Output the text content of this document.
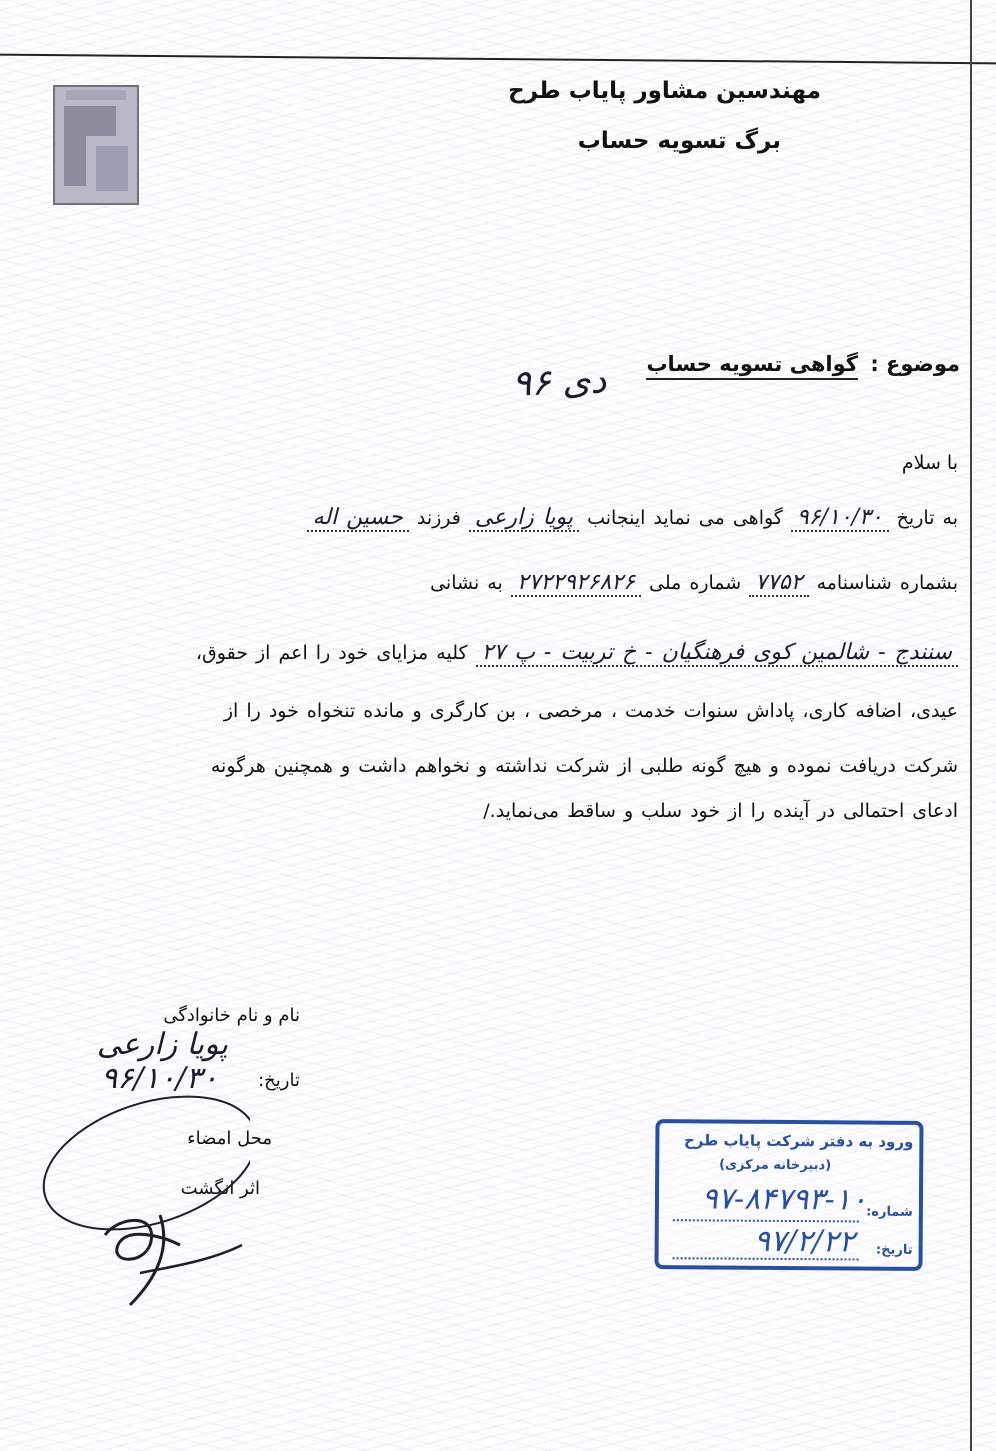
مهندسین مشاور پایاب طرح
برگ تسویه حساب
موضوع :
گواهی تسویه حساب
دی ۹۶
با سلام
به تاریخ ۹۶/۱۰/۳۰ گواهی می نماید اینجانب پویا زارعی فرزند حسین اله
بشماره شناسنامه ۷۷۵۲ شماره ملی ۲۷۲۲۹۲۶۸۲۶ به نشانی
سنندج - شالمین کوی فرهنگیان - خ تربیت - پ ۲۷ کلیه مزایای خود را اعم از حقوق،
عیدی، اضافه کاری، پاداش سنوات خدمت ، مرخصی ، بن کارگری و مانده تنخواه خود را از
شرکت دریافت نموده و هیچ گونه طلبی از شرکت نداشته و نخواهم داشت و همچنین هرگونه
ادعای احتمالی در آینده را از خود سلب و ساقط می‌نماید./
نام و نام خانوادگی
پویا زارعی
تاریخ:
۹۶/۱۰/۳۰
محل امضاء
اثر انگشت
ورود به دفتر شرکت پایاب طرح
(دبیرخانه مرکزی)
شماره:
۹۷-۸۴۷۹۳-۱۰
تاریخ:
۹۷/۲/۲۲
